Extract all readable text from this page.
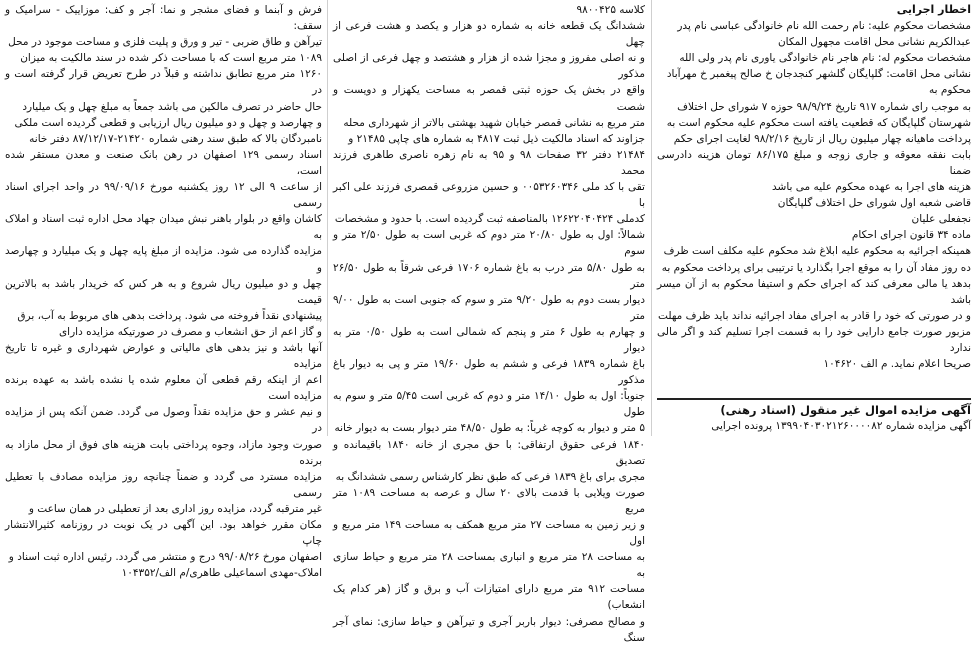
اخطار اجرایی
مشخصات محکوم علیه: نام رحمت الله نام خانوادگی عباسی نام پدر
عبدالکریم نشانی محل اقامت مجهول المکان
مشخصات محکوم له: نام هاجر نام خانوادگی یاوری نام پدر ولی الله
نشانی محل اقامت: گلپایگان گلشهر کنجدجان خ صالح پیغمبر خ مهرآباد
محکوم به
به موجب رای شماره ۹۱۷ تاریخ ۹۸/۹/۲۴ حوزه ۷ شورای حل اختلاف
شهرستان گلپایگان که قطعیت یافته است محکوم علیه محکوم است به
پرداخت ماهیانه چهار میلیون ریال از تاریخ ۹۸/۲/۱۶ لغایت اجرای حکم
بابت نفقه معوقه و جاری زوجه و مبلغ ۸۶/۱۷۵ تومان هزینه دادرسی ضمنا
هزینه های اجرا به عهده محکوم علیه می باشد
قاضی شعبه اول شورای حل اختلاف گلپایگان
نجفعلی علیان
ماده ۳۴ قانون اجرای احکام
همینکه اجرائیه به محکوم علیه ابلاغ شد محکوم علیه مکلف است ظرف
ده روز مفاد آن را به موقع اجرا بگذارد یا ترتیبی برای پرداخت محکوم به
بدهد یا مالی معرفی کند که اجرای حکم و استیفا محکوم به از آن میسر باشد
و در صورتی که خود را قادر به اجرای مفاد اجرائیه نداند باید ظرف مهلت
مزبور صورت جامع دارایی خود را به قسمت اجرا تسلیم کند و اگر مالی ندارد
صریحا اعلام نماید. م الف ۱۰۴۶۲۰
آگهی مزایده اموال غیر منقول (اسناد رهنی)
آگهی مزایده شماره ۱۳۹۹۰۴۰۳۰۲۱۲۶۰۰۰۰۸۲ پرونده اجرایی
کلاسه ۹۸۰۰۴۲۵
ششدانگ یک قطعه خانه به شماره دو هزار و یکصد و هشت فرعی از چهل
و نه اصلی مفروز و مجزا شده از هزار و هشتصد و چهل فرعی از اصلی مذکور
واقع در بخش یک حوزه ثبتی قمصر به مساحت یکهزار و دویست و شصت
متر مربع به نشانی قمصر خیابان شهید بهشتی بالاتر از شهرداری محله
جزاوند که اسناد مالکیت ذیل ثبت ۴۸۱۷ به شماره های چاپی ۲۱۴۸۵ و
۲۱۴۸۴ دفتر ۳۲ صفحات ۹۸ و ۹۵ به نام زهره ناصری طاهری فرزند محمد
تقی با کد ملی ۰۰۵۳۲۶۰۳۴۶ و حسین مزروعی قمصری فرزند علی اکبر با
کدملی ۱۲۶۲۲۰۴۰۴۲۴ بالمناصفه ثبت گردیده است. با حدود و مشخصات
شمالاً: اول به طول ۲۰/۸۰ متر دوم که غربی است به طول ۲/۵۰ متر و سوم
به طول ۵/۸۰ متر درب به باغ شماره ۱۷۰۶ فرعی شرقاً به طول ۲۶/۵۰ متر
دیوار بست دوم به طول ۹/۲۰ متر و سوم که جنوبی است به طول ۹/۰۰ متر
و چهارم به طول ۶ متر و پنجم که شمالی است به طول ۰/۵۰ متر به دیوار
باغ شماره ۱۸۳۹ فرعی و ششم به طول ۱۹/۶۰ متر و پی به دیوار باغ مذکور
جنوباً: اول به طول ۱۴/۱۰ متر و دوم که غربی است ۵/۴۵ متر و سوم به طول
۵ متر و دیوار به کوچه غرباً: به طول ۴۸/۵۰ متر دیوار بست به دیوار خانه
۱۸۴۰ فرعی حقوق ارتفاقی: با حق مجری از خانه ۱۸۴۰ باقیمانده و تصدیق
مجری برای باغ ۱۸۳۹ فرعی که طبق نظر کارشناس رسمی ششدانگ به
صورت ویلایی با قدمت بالای ۲۰ سال و عرصه به مساحت ۱۰۸۹ متر مربع
و زیر زمین به مساحت ۲۷ متر مربع همکف به مساحت ۱۴۹ متر مربع و اول
به مساحت ۲۸ متر مربع و انباری بمساحت ۲۸ متر مربع و حیاط سازی به
مساحت ۹۱۲ متر مربع دارای امتیازات آب و برق و گاز (هر کدام یک انشعاب)
و مصالح مصرفی: دیوار باربر آجری و تیرآهن و حیاط سازی: نمای آجر سنگ
فرش و آبنما و فضای مشجر و نما: آجر و کف: موزاییک - سرامیک و سقف:
تیرآهن و طاق ضربی - تیر و ورق و پلیت فلزی و مساحت موجود در محل
۱۰۸۹ متر مربع است که با مساحت ذکر شده در سند مالکیت به میزان
۱۲۶۰ متر مربع تطابق نداشته و قبلاً در طرح تعریض قرار گرفته است و در
حال حاضر در تصرف مالکین می باشد جمعاً به مبلغ چهل و یک میلیارد
و چهارصد و چهل و دو میلیون ریال ارزیابی و قطعی گردیده است ملکی
نامبردگان بالا که طبق سند رهنی شماره ۲۱۴۲۰-۸۷/۱۲/۱۷ دفتر خانه
اسناد رسمی ۱۲۹ اصفهان در رهن بانک صنعت و معدن مستقر شده است،
از ساعت ۹ الی ۱۲ روز یکشنبه مورخ ۹۹/۰۹/۱۶ در واحد اجرای اسناد رسمی
کاشان واقع در بلوار باهنر نبش میدان جهاد محل اداره ثبت اسناد و املاک به
مزایده گذارده می شود. مزایده از مبلغ پایه چهل و یک میلیارد و چهارصد و
چهل و دو میلیون ریال شروع و به هر کس که خریدار باشد به بالاترین قیمت
پیشنهادی نقداً فروخته می شود. پرداخت بدهی های مربوط به آب، برق
و گاز اعم از حق انشعاب و مصرف در صورتیکه مزایده دارای
آنها باشد و نیز بدهی های مالیاتی و عوارض شهرداری و غیره تا تاریخ مزایده
اعم از اینکه رقم قطعی آن معلوم شده یا نشده باشد به عهده برنده مزایده است
و نیم عشر و حق مزایده نقداً وصول می گردد. ضمن آنکه پس از مزایده در
صورت وجود مازاد، وجوه پرداختی بابت هزینه های فوق از محل مازاد به برنده
مزایده مسترد می گردد و ضمناً چنانچه روز مزایده مصادف با تعطیل رسمی
غیر مترقبه گردد، مزایده روز اداری بعد از تعطیلی در همان ساعت و
مکان مقرر خواهد بود. این آگهی در یک نوبت در روزنامه کثیرالانتشار چاپ
اصفهان مورخ ۹۹/۰۸/۲۶ درج و منتشر می گردد. رئیس اداره ثبت اسناد و
املاک-مهدی اسماعیلی طاهری/م الف/۱۰۴۳۵۲
